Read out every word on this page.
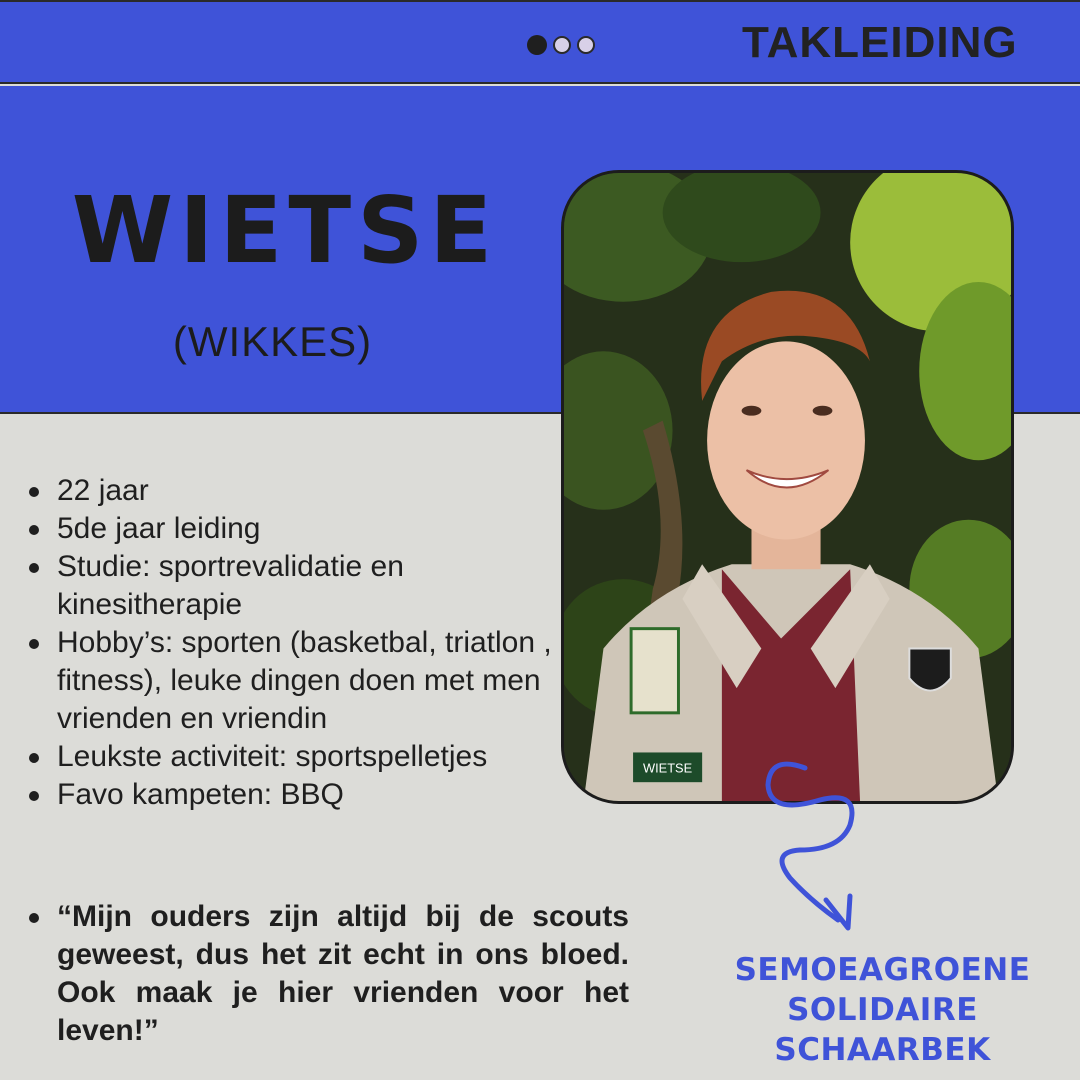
TAKLEIDING
WIETSE
(WIKKES)
WIETSE
22 jaar
5de jaar leiding
Studie: sportrevalidatie en kinesitherapie
Hobby’s: sporten (basketbal, triatlon , fitness), leuke dingen doen met men vrienden en vriendin
Leukste activiteit: sportspelletjes
Favo kampeten: BBQ
“Mijn ouders zijn altijd bij de scouts geweest, dus het zit echt in ons bloed. Ook maak je hier vrienden voor het leven!”
SEMOEAGROENE
SOLIDAIRE
SCHAARBEK
